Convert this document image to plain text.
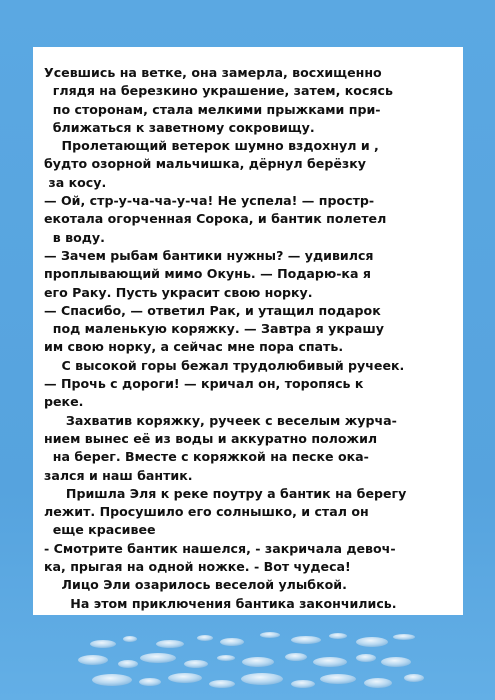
Усевшись на ветке, она замерла, восхищенно
глядя на березкино украшение, затем, косясь
по сторонам, стала мелкими прыжками при-
ближаться к заветному сокровищу.
Пролетающий ветерок шумно вздохнул и ,
будто озорной мальчишка, дёрнул берёзку
за косу.
— Ой, стр-у-ча-ча-у-ча! Не успела! — простр-
екотала огорченная Сорока, и бантик полетел
в воду.
— Зачем рыбам бантики нужны? — удивился
проплывающий мимо Окунь. — Подарю-ка я
его Раку. Пусть украсит свою норку.
— Спасибо, — ответил Рак, и утащил подарок
под маленькую коряжку. — Завтра я украшу
им свою норку, а сейчас мне пора спать.
С высокой горы бежал трудолюбивый ручеек.
— Прочь с дороги! — кричал он, торопясь к
реке.
Захватив коряжку, ручеек с веселым журча-
нием вынес её из воды и аккуратно положил
на берег. Вместе с коряжкой на песке ока-
зался и наш бантик.
Пришла Эля к реке поутру а бантик на берегу
лежит. Просушило его солнышко, и стал он
еще красивее
- Смотрите бантик нашелся, - закричала девоч-
ка, прыгая на одной ножке. - Вот чудеса!
Лицо Эли озарилось веселой улыбкой.
На этом приключения бантика закончились.
